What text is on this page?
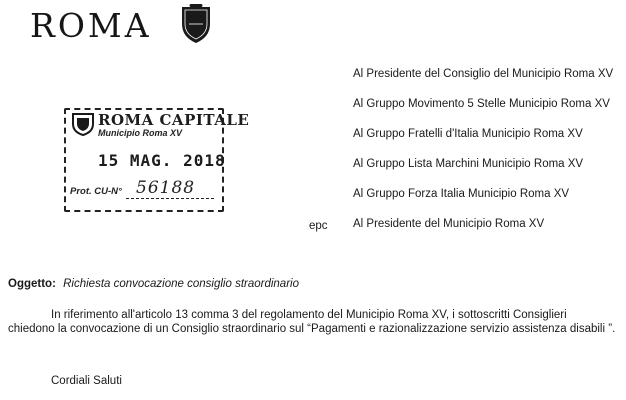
ROMA
ROMA CAPITALE
Municipio Roma XV
15 MAG. 2018
Prot. CU-N° 56188
Al Presidente del Consiglio del Municipio Roma XV
Al Gruppo Movimento 5 Stelle Municipio Roma XV
Al Gruppo Fratelli d'Italia Municipio Roma XV
Al Gruppo Lista Marchini Municipio Roma XV
Al Gruppo Forza Italia Municipio Roma XV
Al Presidente del Municipio Roma XV
epc
Oggetto: Richiesta convocazione consiglio straordinario
In riferimento all'articolo 13 comma 3 del regolamento del Municipio Roma XV, i sottoscritti Consiglieri chiedono la convocazione di un Consiglio straordinario sul “Pagamenti e razionalizzazione servizio assistenza disabili ”.
Cordiali Saluti
